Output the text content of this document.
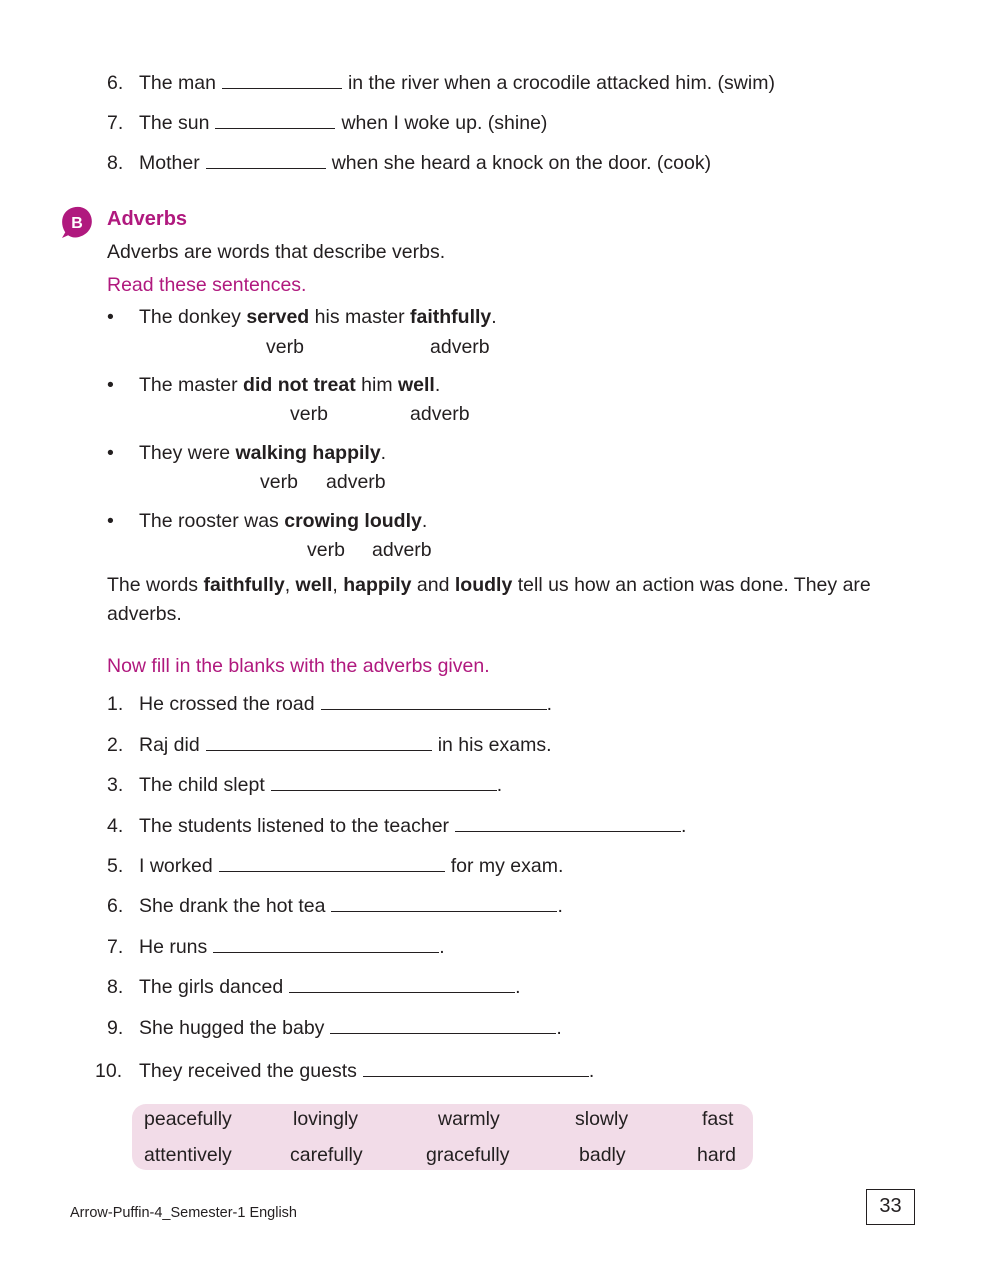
6. The man	in the river when a crocodile attacked him. (swim)
7. The sun	when I woke up. (shine)
8. Mother	when she heard a knock on the door. (cook)
B Adverbs
Adverbs are words that describe verbs.
Read these sentences.
• The donkey served his master faithfully.
verb	adverb
• The master did not treat him well.
verb	adverb
• They were walking happily.
verb adverb
• The rooster was crowing loudly.
verb adverb
The words faithfully, well, happily and loudly tell us how an action was done. They are
adverbs.
Now fill in the blanks with the adverbs given.
1. He crossed the road	.
2. Raj did	in his exams.
3. The child slept	.
4. The students listened to the teacher	.
5. I worked	for my exam.
6. She drank the hot tea	.
7. He runs	.
8. The girls danced	.
9. She hugged the baby	.
10. They received the guests	.
peacefully	lovingly	warmly	slowly	fast
attentively	carefully	gracefully	badly	hard
Arrow-Puffin-4_Semester-1 English	33
